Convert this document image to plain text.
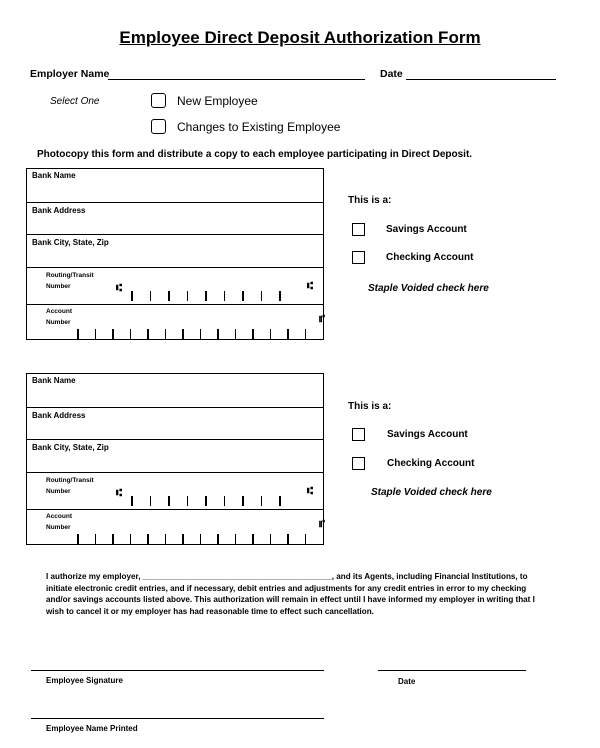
Employee Direct Deposit Authorization Form
Employer Name	Date
Select One	New Employee
Changes to Existing Employee
Photocopy this form and distribute a copy to each employee participating in Direct Deposit.
Bank Name
Bank Address
Bank City, State, Zip
Routing/Transit
Number	⑆	⑆
Account
Number	⑈
This is a:
Savings Account
Checking Account
Staple Voided check here
Bank Name
Bank Address
Bank City, State, Zip
Routing/Transit
Number	⑆	⑆
Account
Number	⑈
This is a:
Savings Account
Checking Account
Staple Voided check here
I authorize my employer, __________________________________________, and its Agents, including Financial Institutions, to initiate electronic credit entries, and if necessary, debit entries and adjustments for any credit entries in error to my checking and/or savings accounts listed above. This authorization will remain in effect until I have informed my employer in writing that I wish to cancel it or my employer has had reasonable time to effect such cancellation.
Employee Signature	Date
Employee Name Printed
